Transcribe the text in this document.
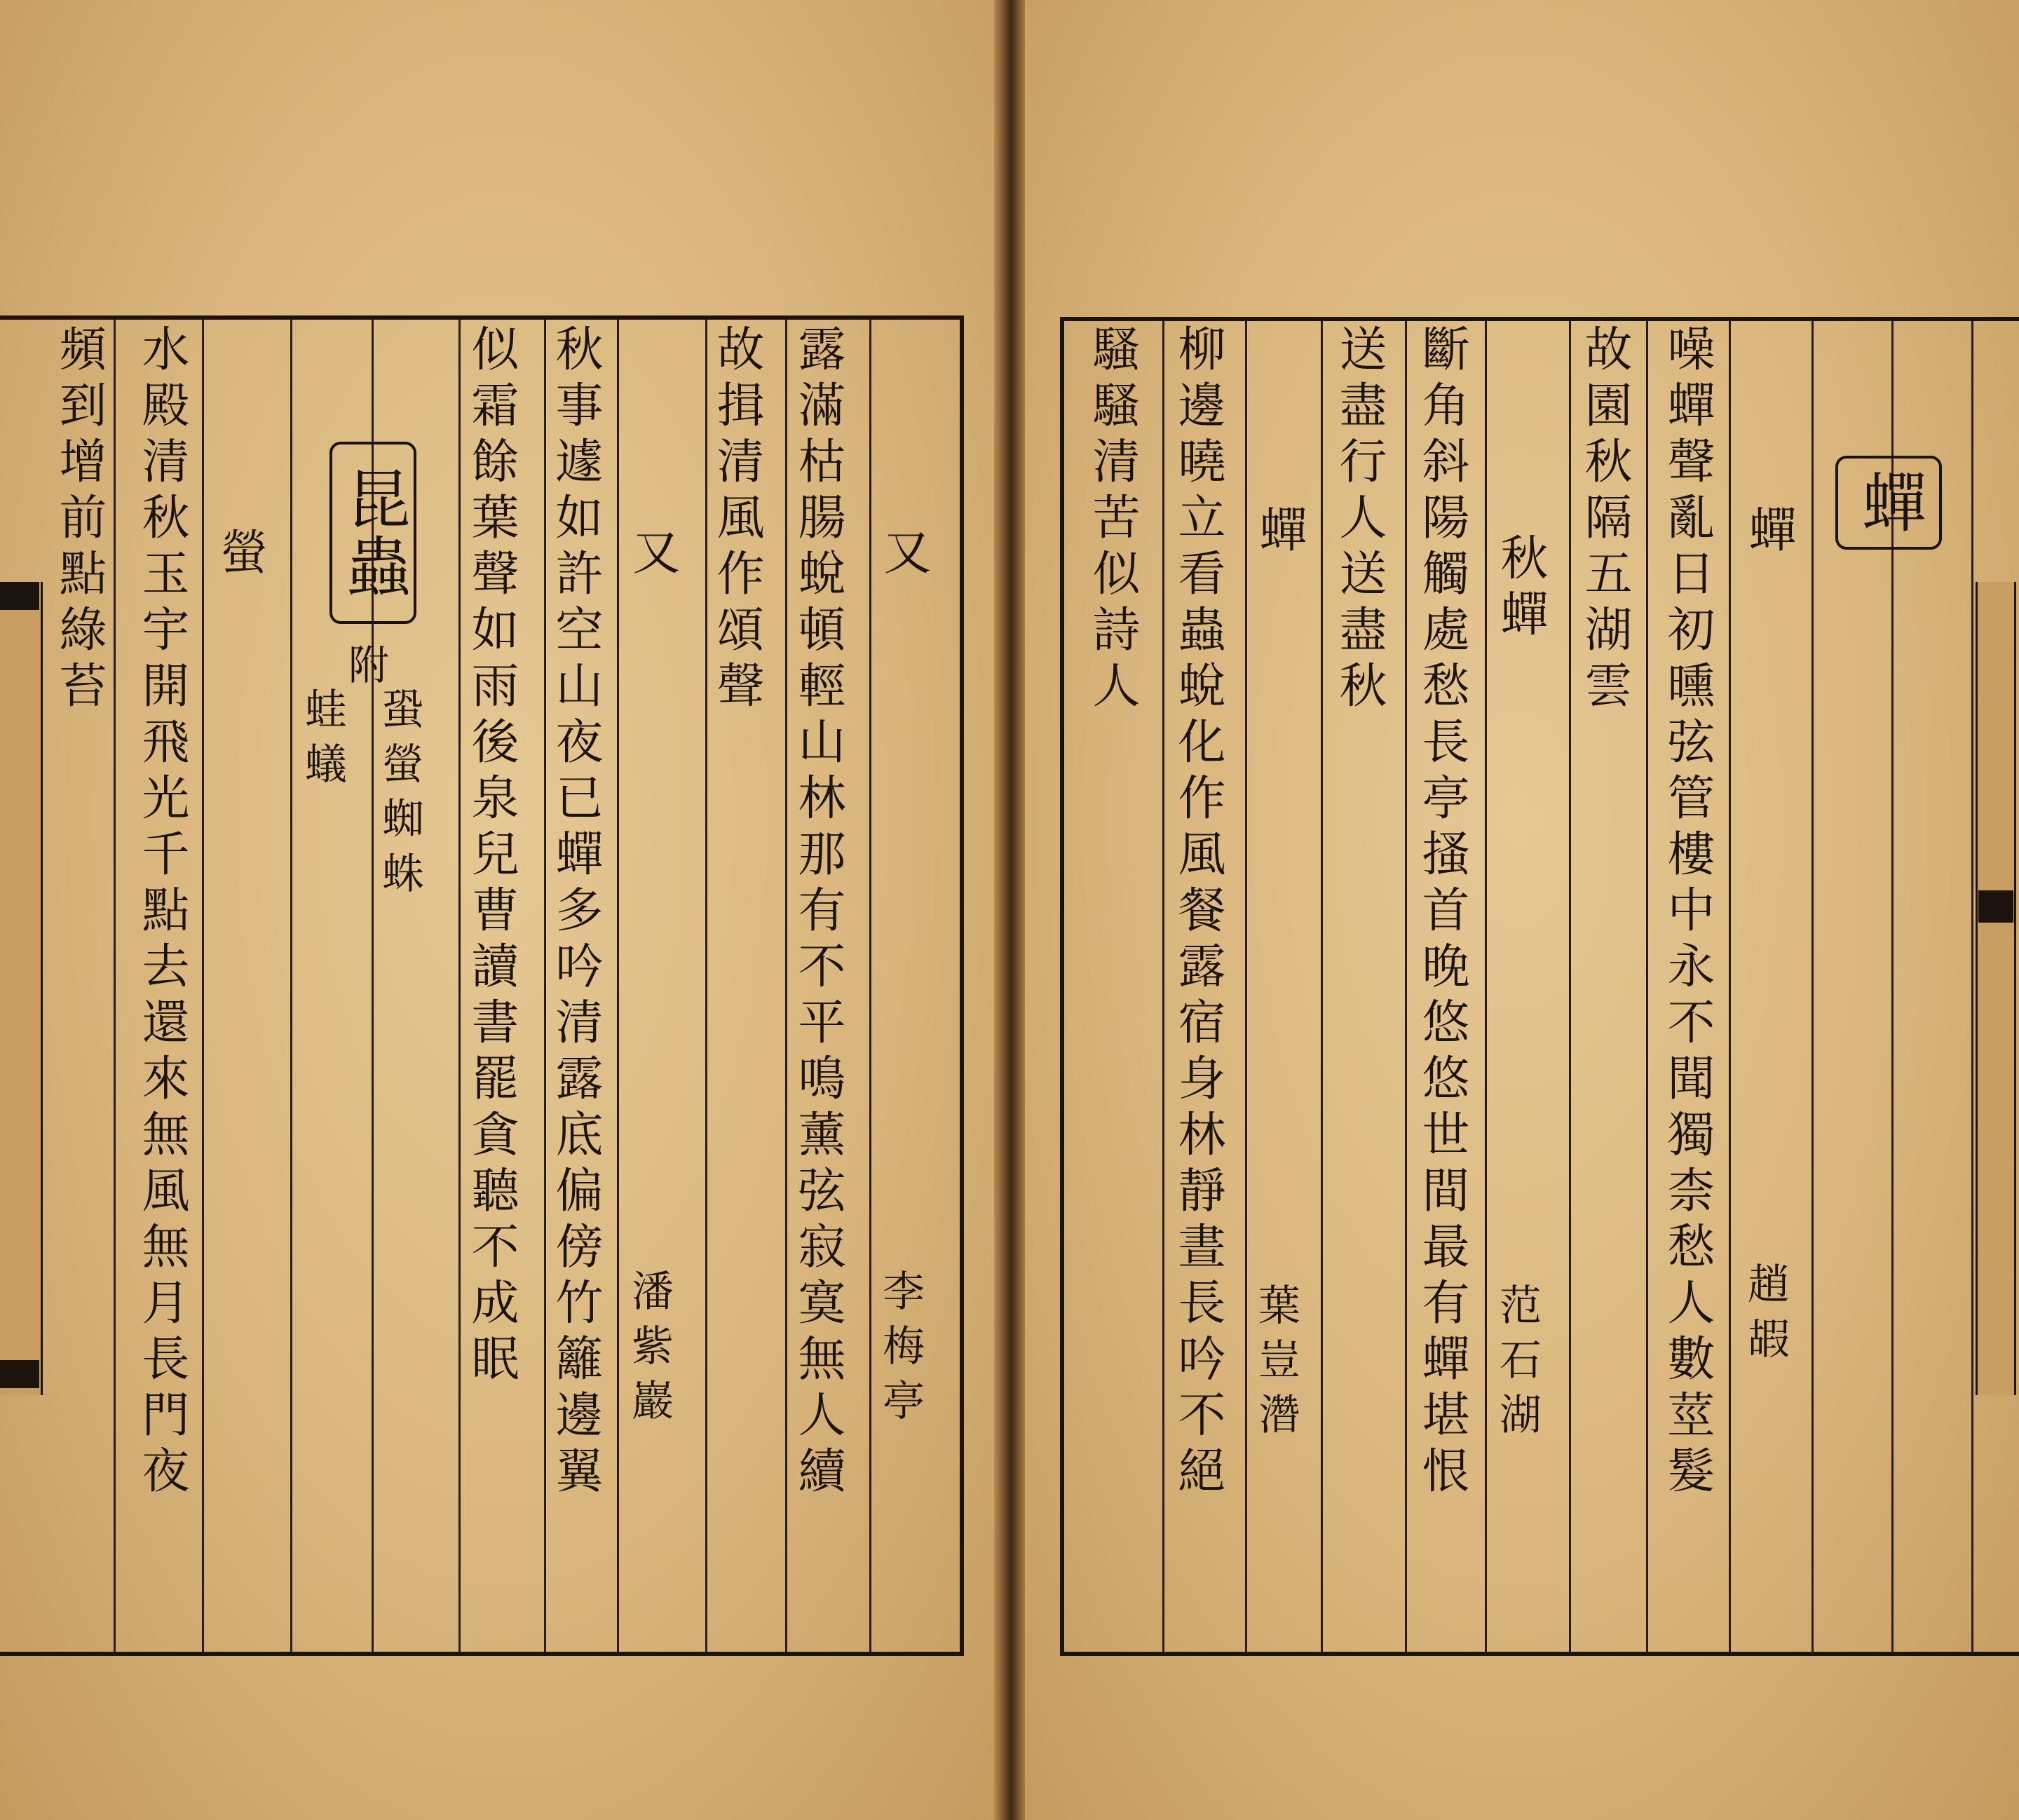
又

李梅亭

露滿枯腸蛻頓輕山林那有不平鳴薰弦寂寞無人續

故揖清風作頌聲

又

潘紫巖

秋事遽如許空山夜已蟬多吟清露底偏傍竹籬邊翼

似霜餘葉聲如雨後泉兒曹讀書罷貪聽不成眠

昆蟲

附

蛩螢蜘蛛

蛙蟻

螢

水殿清秋玉宇開飛光千點去還來無風無月長門夜

頻到增前點綠苔	蟬

蟬

趙嘏

噪蟬聲亂日初曛弦管樓中永不聞獨柰愁人數莖髮

故園秋隔五湖雲

秋蟬

范石湖

斷角斜陽觸處愁長亭搔首晚悠悠世間最有蟬堪恨

送盡行人送盡秋

蟬

葉豈濳

柳邊曉立看蟲蛻化作風餐露宿身林靜晝長吟不絕

騷騷清苦似詩人
